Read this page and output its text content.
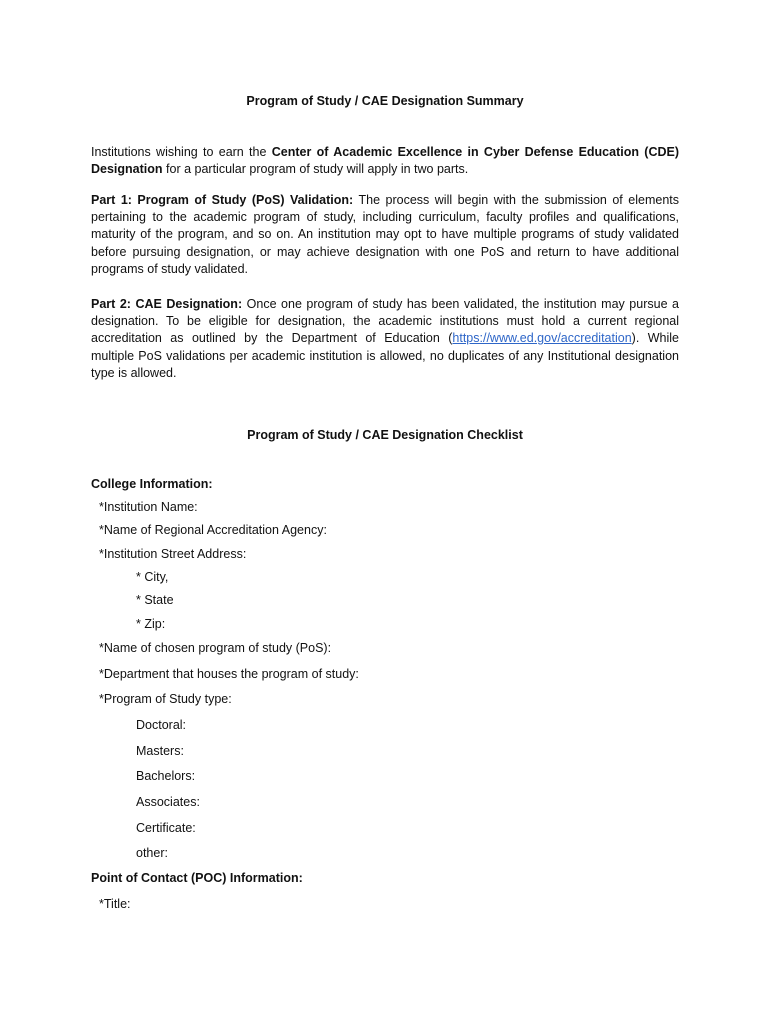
Program of Study / CAE Designation Summary
Institutions wishing to earn the Center of Academic Excellence in Cyber Defense Education (CDE) Designation for a particular program of study will apply in two parts.
Part 1: Program of Study (PoS) Validation: The process will begin with the submission of elements pertaining to the academic program of study, including curriculum, faculty profiles and qualifications, maturity of the program, and so on. An institution may opt to have multiple programs of study validated before pursuing designation, or may achieve designation with one PoS and return to have additional programs of study validated.
Part 2: CAE Designation: Once one program of study has been validated, the institution may pursue a designation. To be eligible for designation, the academic institutions must hold a current regional accreditation as outlined by the Department of Education (https://www.ed.gov/accreditation). While multiple PoS validations per academic institution is allowed, no duplicates of any Institutional designation type is allowed.
Program of Study / CAE Designation Checklist
College Information:
*Institution Name:
*Name of Regional Accreditation Agency:
*Institution Street Address:
* City,
* State
* Zip:
*Name of chosen program of study (PoS):
*Department that houses the program of study:
*Program of Study type:
Doctoral:
Masters:
Bachelors:
Associates:
Certificate:
other:
Point of Contact (POC) Information:
*Title:
